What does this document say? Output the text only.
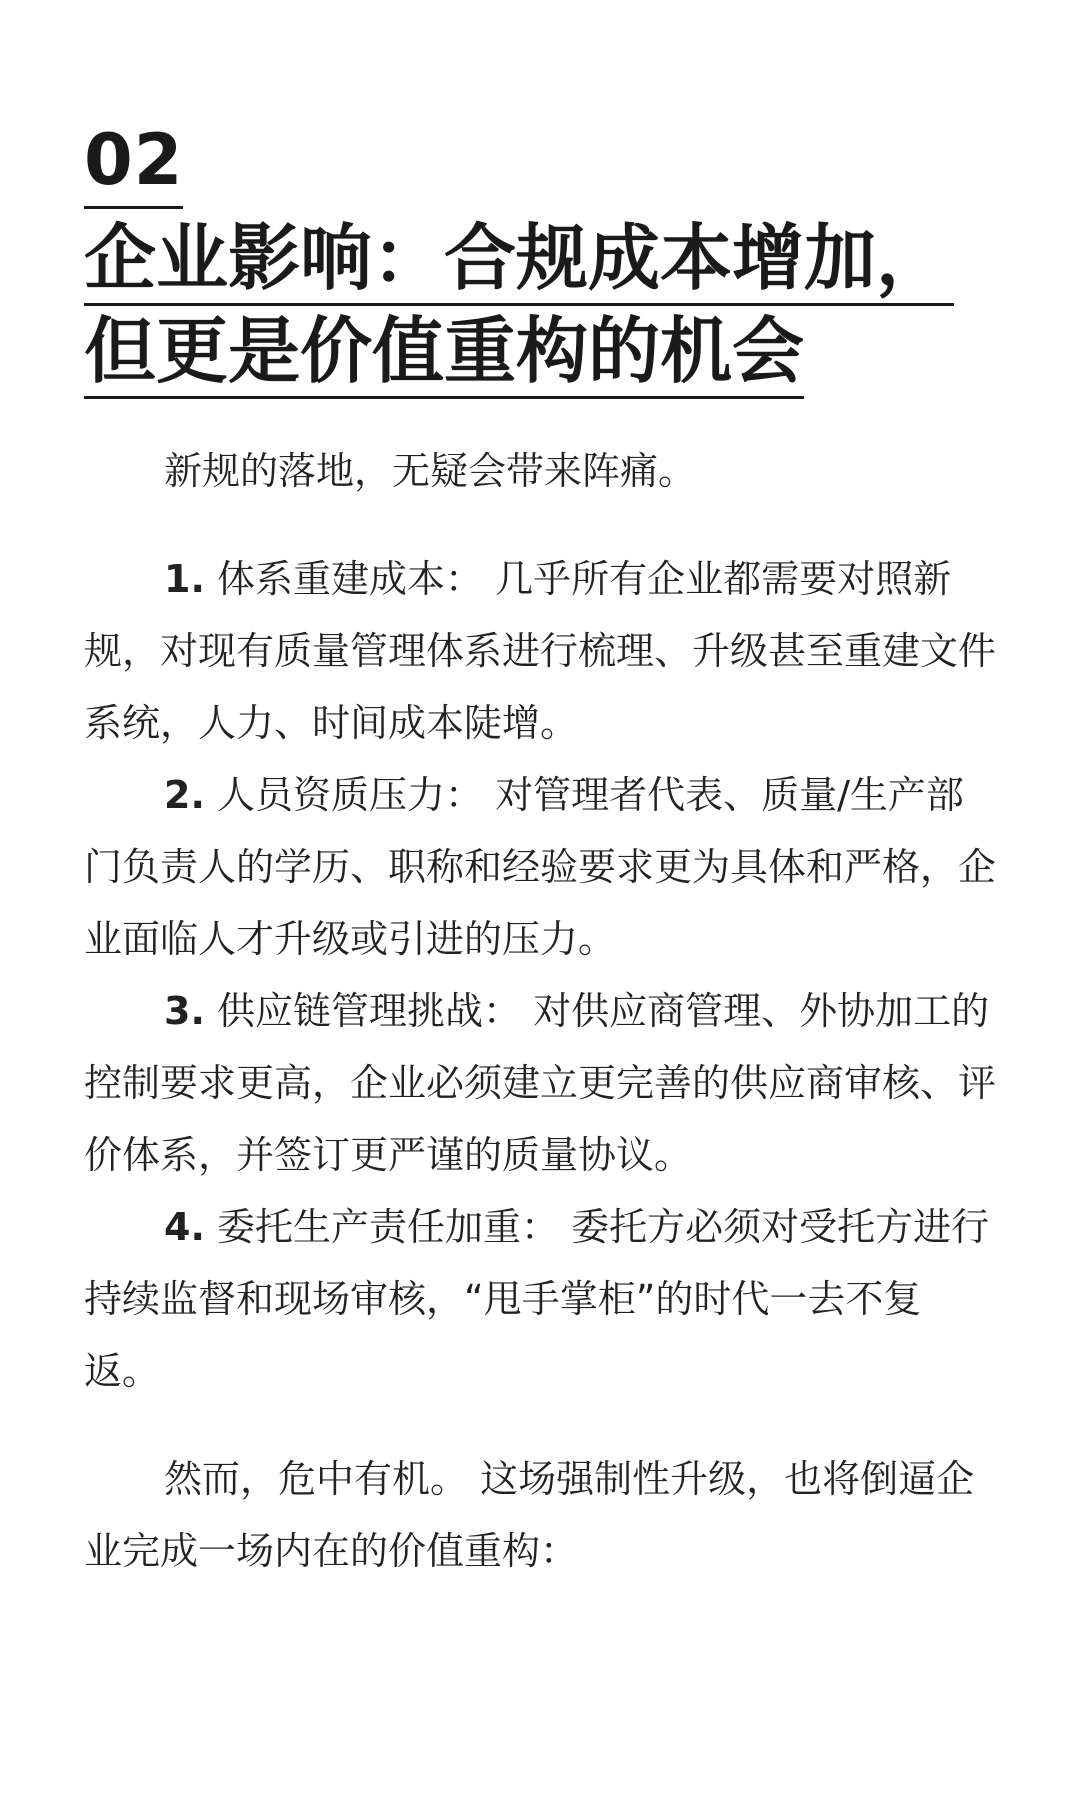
02
企业影响：合规成本增加，
但更是价值重构的机会

新规的落地，无疑会带来阵痛。

1. 体系重建成本： 几乎所有企业都需要对照新规，对现有质量管理体系进行梳理、升级甚至重建文件系统，人力、时间成本陡增。

2. 人员资质压力： 对管理者代表、质量/生产部门负责人的学历、职称和经验要求更为具体和严格，企业面临人才升级或引进的压力。

3. 供应链管理挑战： 对供应商管理、外协加工的控制要求更高，企业必须建立更完善的供应商审核、评价体系，并签订更严谨的质量协议。

4. 委托生产责任加重： 委托方必须对受托方进行持续监督和现场审核，“甩手掌柜”的时代一去不复返。

然而，危中有机。 这场强制性升级，也将倒逼企业完成一场内在的价值重构：
